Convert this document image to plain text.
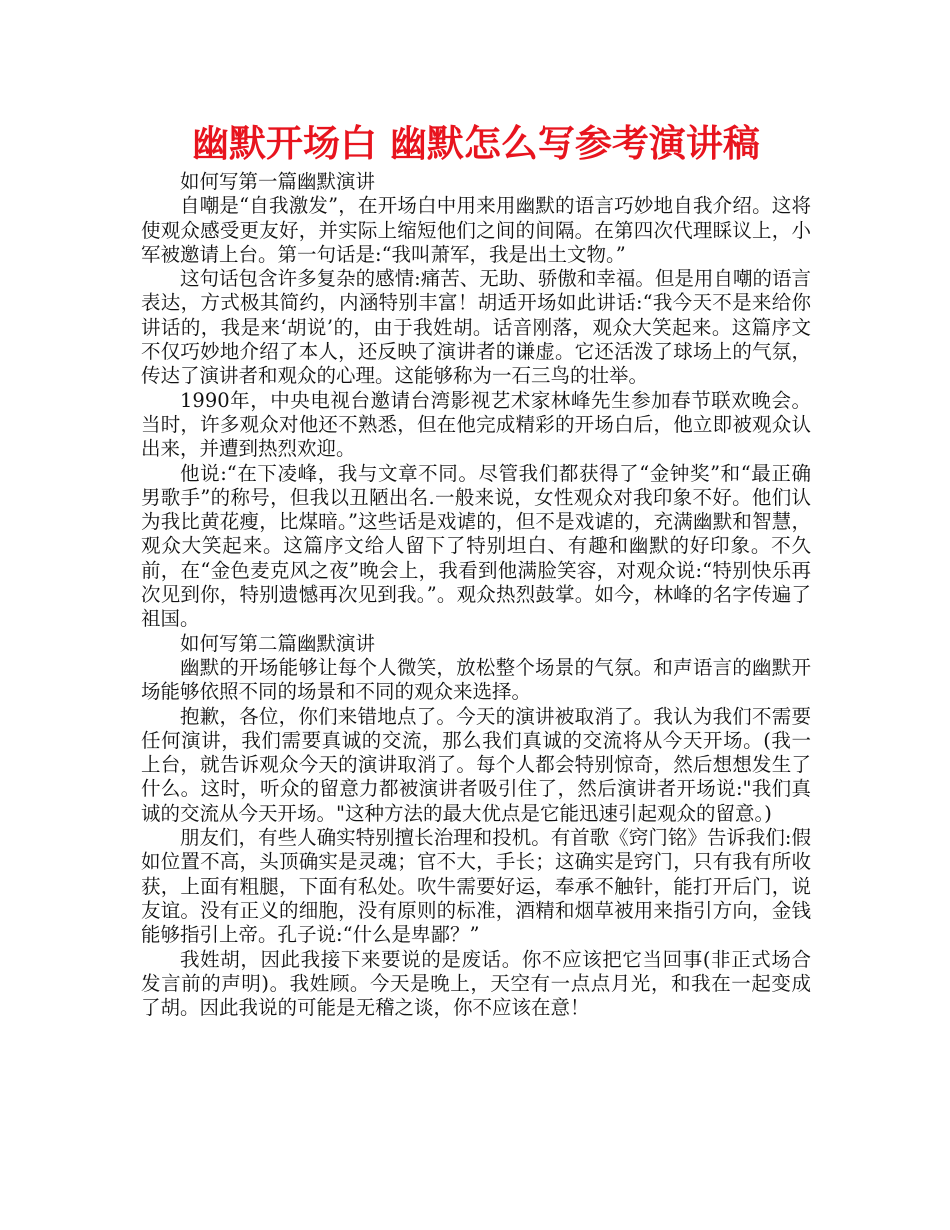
幽默开场白 幽默怎么写参考演讲稿

如何写第一篇幽默演讲

自嘲是“自我激发”，在开场白中用来用幽默的语言巧妙地自我介绍。这将使观众感受更友好，并实际上缩短他们之间的间隔。在第四次代理睬议上，小军被邀请上台。第一句话是:“我叫萧军，我是出土文物。”

这句话包含许多复杂的感情:痛苦、无助、骄傲和幸福。但是用自嘲的语言表达，方式极其简约，内涵特别丰富！胡适开场如此讲话:“我今天不是来给你讲话的，我是来‘胡说’的，由于我姓胡。话音刚落，观众大笑起来。这篇序文不仅巧妙地介绍了本人，还反映了演讲者的谦虚。它还活泼了球场上的气氛，传达了演讲者和观众的心理。这能够称为一石三鸟的壮举。

1990年，中央电视台邀请台湾影视艺术家林峰先生参加春节联欢晚会。当时，许多观众对他还不熟悉，但在他完成精彩的开场白后，他立即被观众认出来，并遭到热烈欢迎。

他说:“在下凌峰，我与文章不同。尽管我们都获得了“金钟奖”和“最正确男歌手”的称号，但我以丑陋出名.一般来说，女性观众对我印象不好。他们认为我比黄花瘦，比煤暗。”这些话是戏谑的，但不是戏谑的，充满幽默和智慧，观众大笑起来。这篇序文给人留下了特别坦白、有趣和幽默的好印象。不久前，在“金色麦克风之夜”晚会上，我看到他满脸笑容，对观众说:“特别快乐再次见到你，特别遗憾再次见到我。”。观众热烈鼓掌。如今，林峰的名字传遍了祖国。

如何写第二篇幽默演讲

幽默的开场能够让每个人微笑，放松整个场景的气氛。和声语言的幽默开场能够依照不同的场景和不同的观众来选择。

抱歉，各位，你们来错地点了。今天的演讲被取消了。我认为我们不需要任何演讲，我们需要真诚的交流，那么我们真诚的交流将从今天开场。(我一上台，就告诉观众今天的演讲取消了。每个人都会特别惊奇，然后想想发生了什么。这时，听众的留意力都被演讲者吸引住了，然后演讲者开场说:"我们真诚的交流从今天开场。"这种方法的最大优点是它能迅速引起观众的留意。)

朋友们，有些人确实特别擅长治理和投机。有首歌《窍门铭》告诉我们:假如位置不高，头顶确实是灵魂；官不大，手长；这确实是窍门，只有我有所收获，上面有粗腿，下面有私处。吹牛需要好运，奉承不触针，能打开后门，说友谊。没有正义的细胞，没有原则的标准，酒精和烟草被用来指引方向，金钱能够指引上帝。孔子说:“什么是卑鄙？”

我姓胡，因此我接下来要说的是废话。你不应该把它当回事(非正式场合发言前的声明)。我姓顾。今天是晚上，天空有一点点月光，和我在一起变成了胡。因此我说的可能是无稽之谈，你不应该在意！
